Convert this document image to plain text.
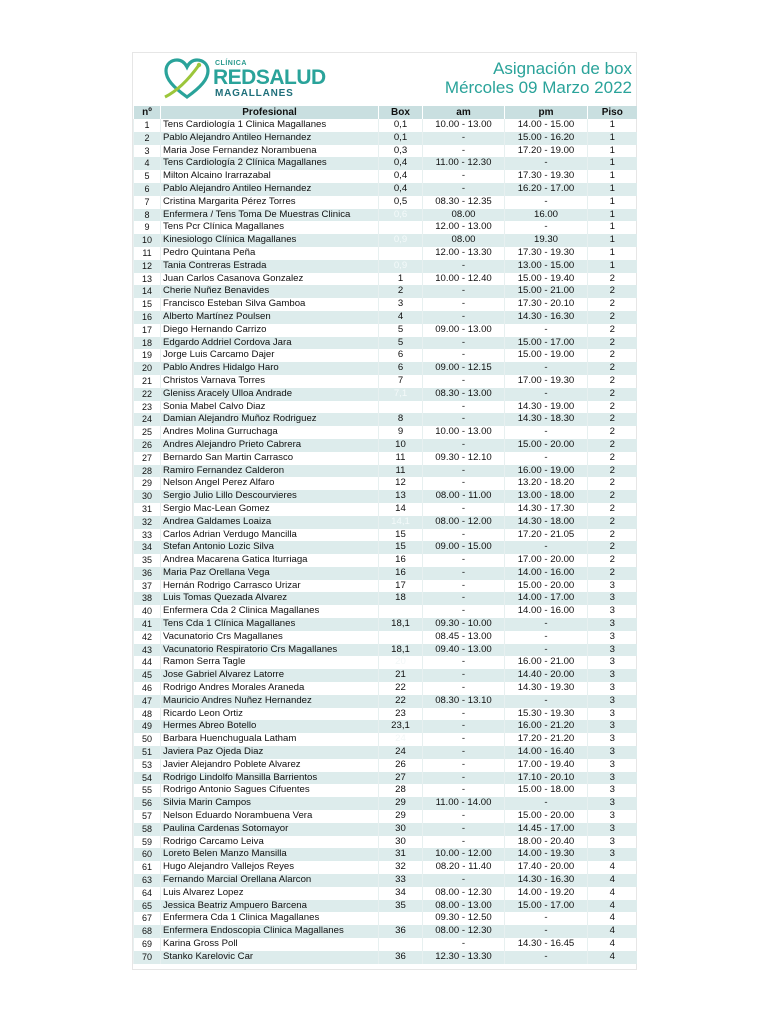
CLÍNICA
REDSALUD
MAGALLANES
Asignación de box
Mércoles 09 Marzo 2022
nº	Profesional	Box	am	pm	Piso
1	Tens Cardiología 1 Clinica Magallanes	0,1	10.00 - 13.00	14.00 - 15.00	1
2	Pablo Alejandro Antileo Hernandez	0,1	-	15.00 - 16.20	1
3	Maria Jose Fernandez Norambuena	0,3	-	17.20 - 19.00	1
4	Tens Cardiología 2 Clínica Magallanes	0,4	11.00 - 12.30	-	1
5	Milton Alcaino Irarrazabal	0,4	-	17.30 - 19.30	1
6	Pablo Alejandro Antileo Hernandez	0,4	-	16.20 - 17.00	1
7	Cristina Margarita Pérez Torres	0,5	08.30 - 12.35	-	1
8	Enfermera / Tens Toma De Muestras Clinica	0,6	08.00	16.00	1
9	Tens Pcr Clínica Magallanes		12.00 - 13.00	-	1
10	Kinesiologo Clínica Magallanes	0,9	08.00	19.30	1
11	Pedro Quintana Peña		12.00 - 13.30	17.30 - 19.30	1
12	Tania Contreras Estrada	0,9	-	13.00 - 15.00	1
13	Juan Carlos Casanova Gonzalez	1	10.00 - 12.40	15.00 - 19.40	2
14	Cherie Nuñez Benavides	2	-	15.00 - 21.00	2
15	Francisco Esteban Silva Gamboa	3	-	17.30 - 20.10	2
16	Alberto Martínez Poulsen	4	-	14.30 - 16.30	2
17	Diego Hernando Carrizo	5	09.00 - 13.00	-	2
18	Edgardo Addriel Cordova Jara	5	-	15.00 - 17.00	2
19	Jorge Luis Carcamo Dajer	6	-	15.00 - 19.00	2
20	Pablo Andres Hidalgo Haro	6	09.00 - 12.15	-	2
21	Christos Varnava Torres	7	-	17.00 - 19.30	2
22	Gleniss Aracely Ulloa Andrade	7,1	08.30 - 13.00	-	2
23	Sonia Mabel Calvo Diaz		-	14.30 - 19.00	2
24	Damian Alejandro Muñoz Rodriguez	8	-	14.30 - 18.30	2
25	Andres Molina Gurruchaga	9	10.00 - 13.00	-	2
26	Andres Alejandro Prieto Cabrera	10	-	15.00 - 20.00	2
27	Bernardo San Martin Carrasco	11	09.30 - 12.10	-	2
28	Ramiro Fernandez Calderon	11	-	16.00 - 19.00	2
29	Nelson Angel Perez Alfaro	12	-	13.20 - 18.20	2
30	Sergio Julio Lillo Descourvieres	13	08.00 - 11.00	13.00 - 18.00	2
31	Sergio Mac-Lean Gomez	14	-	14.30 - 17.30	2
32	Andrea Galdames Loaiza	14,1	08.00 - 12.00	14.30 - 18.00	2
33	Carlos Adrian Verdugo Mancilla	15	-	17.20 - 21.05	2
34	Stefan Antonio Lozic Silva	15	09.00 - 15.00	-	2
35	Andrea Macarena Gatica Iturriaga	16	-	17.00 - 20.00	2
36	Maria Paz Orellana Vega	16	-	14.00 - 16.00	2
37	Hernán Rodrigo Carrasco Urizar	17	-	15.00 - 20.00	3
38	Luis Tomas Quezada Alvarez	18	-	14.00 - 17.00	3
40	Enfermera Cda 2 Clinica Magallanes		-	14.00 - 16.00	3
41	Tens Cda 1 Clínica Magallanes	18,1	09.30 - 10.00	-	3
42	Vacunatorio Crs Magallanes		08.45 - 13.00	-	3
43	Vacunatorio Respiratorio Crs Magallanes	18,1	09.40 - 13.00	-	3
44	Ramon Serra Tagle	20	-	16.00 - 21.00	3
45	Jose Gabriel Alvarez Latorre	21	-	14.40 - 20.00	3
46	Rodrigo Andres Morales Araneda	22	-	14.30 - 19.30	3
47	Mauricio Andres Nuñez Hernandez	22	08.30 - 13.10	-	3
48	Ricardo Leon Ortiz	23	-	15.30 - 19.30	3
49	Hermes Abreo Botello	23,1	-	16.00 - 21.20	3
50	Barbara Huenchuguala Latham	24	-	17.20 - 21.20	3
51	Javiera Paz Ojeda Diaz	24	-	14.00 - 16.40	3
53	Javier Alejandro Poblete Alvarez	26	-	17.00 - 19.40	3
54	Rodrigo Lindolfo Mansilla Barrientos	27	-	17.10 - 20.10	3
55	Rodrigo Antonio Sagues Cifuentes	28	-	15.00 - 18.00	3
56	Silvia Marin Campos	29	11.00 - 14.00	-	3
57	Nelson Eduardo Norambuena Vera	29	-	15.00 - 20.00	3
58	Paulina Cardenas Sotomayor	30	-	14.45 - 17.00	3
59	Rodrigo Carcamo Leiva	30	-	18.00 - 20.40	3
60	Loreto Belen Manzo Mansilla	31	10.00 - 12.00	14.00 - 19.30	3
61	Hugo Alejandro Vallejos Reyes	32	08.20 - 11.40	17.40 - 20.00	4
63	Fernando Marcial Orellana Alarcon	33	-	14.30 - 16.30	4
64	Luis Alvarez Lopez	34	08.00 - 12.30	14.00 - 19.20	4
65	Jessica Beatriz Ampuero Barcena	35	08.00 - 13.00	15.00 - 17.00	4
67	Enfermera Cda 1 Clinica Magallanes		09.30 - 12.50	-	4
68	Enfermera Endoscopia Clinica Magallanes	36	08.00 - 12.30	-	4
69	Karina Gross Poll		-	14.30 - 16.45	4
70	Stanko Karelovic Car	36	12.30 - 13.30	-	4
